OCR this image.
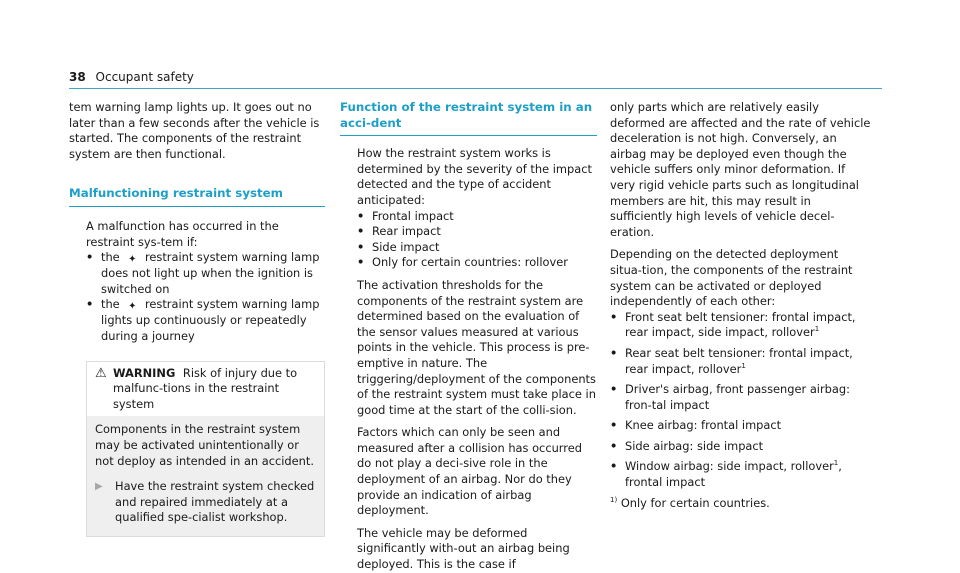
38 Occupant safety

tem warning lamp lights up. It goes out no later than a few seconds after the vehicle is started. The components of the restraint system are then functional.

Malfunctioning restraint system

A malfunction has occurred in the restraint sys-tem if:

• the ✦ restraint system warning lamp does not light up when the ignition is switched on
• the ✦ restraint system warning lamp lights up continuously or repeatedly during a journey
⚠ WARNING Risk of injury due to malfunc-tions in the restraint system

Components in the restraint system may be activated unintentionally or not deploy as intended in an accident.

▶	Have the restraint system checked and repaired immediately at a qualified spe-cialist workshop.
Function of the restraint system in an acci-dent

How the restraint system works is determined by the severity of the impact detected and the type of accident anticipated:

• Frontal impact
• Rear impact
• Side impact
• Only for certain countries: rollover

The activation thresholds for the components of the restraint system are determined based on the evaluation of the sensor values measured at various points in the vehicle. This process is pre-emptive in nature. The triggering/deployment of the components of the restraint system must take place in good time at the start of the colli-sion.

Factors which can only be seen and measured after a collision has occurred do not play a deci-sive role in the deployment of an airbag. Nor do they provide an indication of airbag deployment.

The vehicle may be deformed significantly with-out an airbag being deployed. This is the case if

only parts which are relatively easily deformed are affected and the rate of vehicle deceleration is not high. Conversely, an airbag may be deployed even though the vehicle suffers only minor deformation. If very rigid vehicle parts such as longitudinal members are hit, this may result in sufficiently high levels of vehicle decel-eration.

Depending on the detected deployment situa-tion, the components of the restraint system can be activated or deployed independently of each other:

• Front seat belt tensioner: frontal impact, rear impact, side impact, rollover$^1$
• Rear seat belt tensioner: frontal impact, rear impact, rollover$^1$
• Driver's airbag, front passenger airbag: fron-tal impact
• Knee airbag: frontal impact
• Side airbag: side impact
• Window airbag: side impact, rollover$^1$, frontal impact

$^{1)}$ Only for certain countries.
